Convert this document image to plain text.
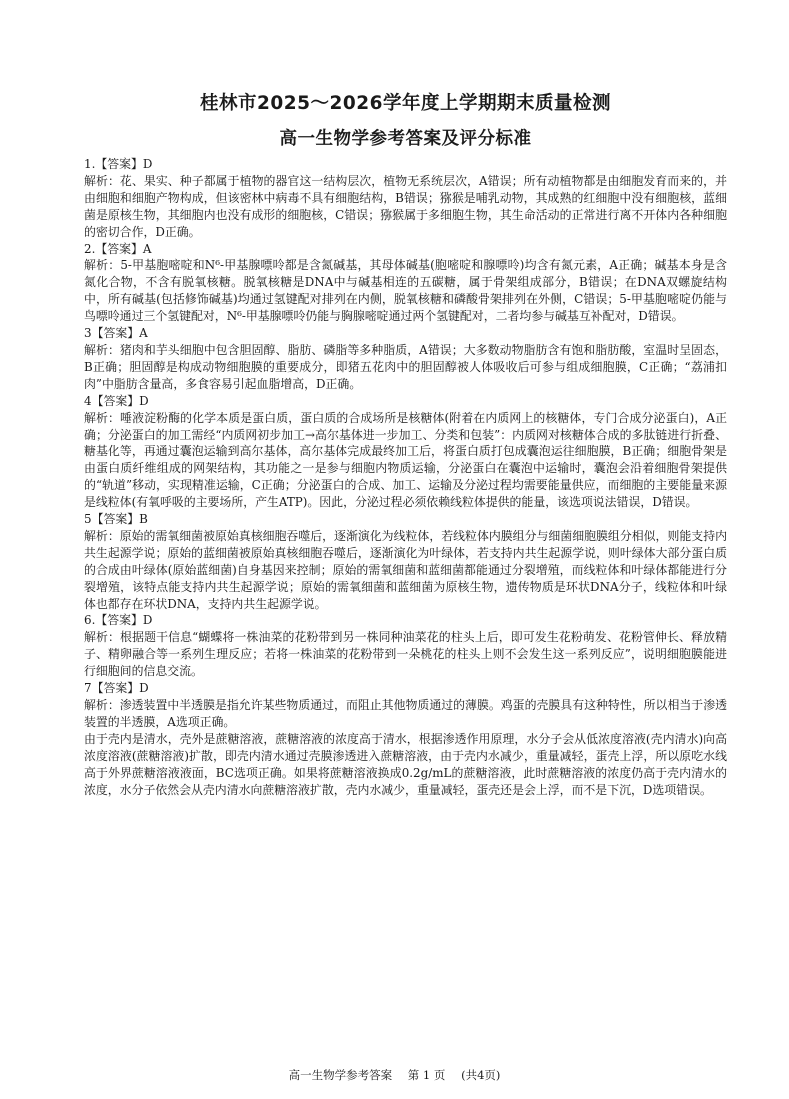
桂林市2025～2026学年度上学期期末质量检测
高一生物学参考答案及评分标准
1.【答案】D
解析：花、果实、种子都属于植物的器官这一结构层次，植物无系统层次，A错误；所有动植物都是由细胞发育而来的，并由细胞和细胞产物构成，但该密林中病毒不具有细胞结构，B错误；猕猴是哺乳动物，其成熟的红细胞中没有细胞核，蓝细菌是原核生物，其细胞内也没有成形的细胞核，C错误；猕猴属于多细胞生物，其生命活动的正常进行离不开体内各种细胞的密切合作，D正确。
2.【答案】A
解析：5-甲基胞嘧啶和N⁶-甲基腺嘌呤都是含氮碱基，其母体碱基(胞嘧啶和腺嘌呤)均含有氮元素，A正确；碱基本身是含氮化合物，不含有脱氧核糖。脱氧核糖是DNA中与碱基相连的五碳糖，属于骨架组成部分，B错误；在DNA双螺旋结构中，所有碱基(包括修饰碱基)均通过氢键配对排列在内侧，脱氧核糖和磷酸骨架排列在外侧，C错误；5-甲基胞嘧啶仍能与鸟嘌呤通过三个氢键配对，N⁶-甲基腺嘌呤仍能与胸腺嘧啶通过两个氢键配对，二者均参与碱基互补配对，D错误。
3【答案】A
解析：猪肉和芋头细胞中包含胆固醇、脂肪、磷脂等多种脂质，A错误；大多数动物脂肪含有饱和脂肪酸，室温时呈固态，B正确；胆固醇是构成动物细胞膜的重要成分，即猪五花肉中的胆固醇被人体吸收后可参与组成细胞膜，C正确；“荔浦扣肉”中脂肪含量高，多食容易引起血脂增高，D正确。
4【答案】D
解析：唾液淀粉酶的化学本质是蛋白质，蛋白质的合成场所是核糖体(附着在内质网上的核糖体，专门合成分泌蛋白)，A正确；分泌蛋白的加工需经“内质网初步加工→高尔基体进一步加工、分类和包装”：内质网对核糖体合成的多肽链进行折叠、糖基化等，再通过囊泡运输到高尔基体，高尔基体完成最终加工后，将蛋白质打包成囊泡运往细胞膜，B正确；细胞骨架是由蛋白质纤维组成的网架结构，其功能之一是参与细胞内物质运输，分泌蛋白在囊泡中运输时，囊泡会沿着细胞骨架提供的“轨道”移动，实现精准运输，C正确；分泌蛋白的合成、加工、运输及分泌过程均需要能量供应，而细胞的主要能量来源是线粒体(有氧呼吸的主要场所，产生ATP)。因此，分泌过程必须依赖线粒体提供的能量，该选项说法错误，D错误。
5【答案】B
解析：原始的需氧细菌被原始真核细胞吞噬后，逐渐演化为线粒体，若线粒体内膜组分与细菌细胞膜组分相似，则能支持内共生起源学说；原始的蓝细菌被原始真核细胞吞噬后，逐渐演化为叶绿体，若支持内共生起源学说，则叶绿体大部分蛋白质的合成由叶绿体(原始蓝细菌)自身基因来控制；原始的需氧细菌和蓝细菌都能通过分裂增殖，而线粒体和叶绿体都能进行分裂增殖，该特点能支持内共生起源学说；原始的需氧细菌和蓝细菌为原核生物，遗传物质是环状DNA分子，线粒体和叶绿体也都存在环状DNA，支持内共生起源学说。
6.【答案】D
解析：根据题干信息“蝴蝶将一株油菜的花粉带到另一株同种油菜花的柱头上后，即可发生花粉萌发、花粉管伸长、释放精子、精卵融合等一系列生理反应；若将一株油菜的花粉带到一朵桃花的柱头上则不会发生这一系列反应”，说明细胞膜能进行细胞间的信息交流。
7【答案】D
解析：渗透装置中半透膜是指允许某些物质通过，而阻止其他物质通过的薄膜。鸡蛋的壳膜具有这种特性，所以相当于渗透装置的半透膜，A选项正确。
由于壳内是清水，壳外是蔗糖溶液，蔗糖溶液的浓度高于清水，根据渗透作用原理，水分子会从低浓度溶液(壳内清水)向高浓度溶液(蔗糖溶液)扩散，即壳内清水通过壳膜渗透进入蔗糖溶液，由于壳内水减少，重量减轻，蛋壳上浮，所以原吃水线高于外界蔗糖溶液液面，BC选项正确。如果将蔗糖溶液换成0.2g/mL的蔗糖溶液，此时蔗糖溶液的浓度仍高于壳内清水的浓度，水分子依然会从壳内清水向蔗糖溶液扩散，壳内水减少，重量减轻，蛋壳还是会上浮，而不是下沉，D选项错误。
高一生物学参考答案 第 1 页 (共4页)
